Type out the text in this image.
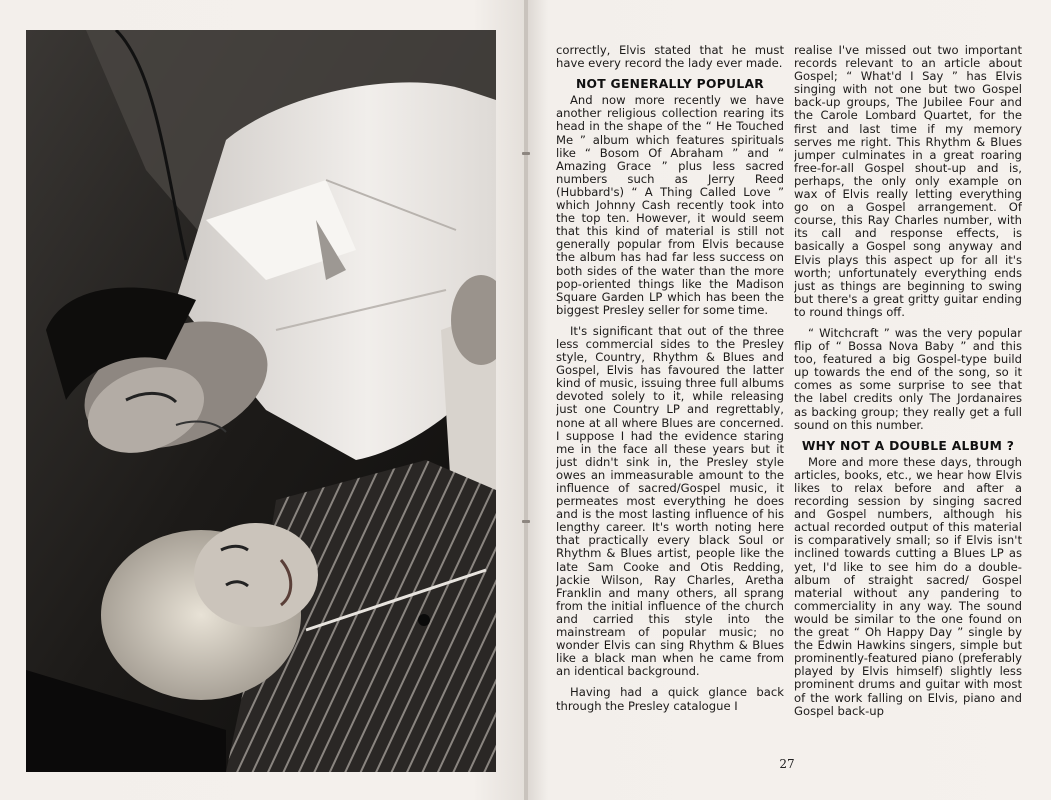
correctly, Elvis stated that he must have every record the lady ever made.

NOT GENERALLY POPULAR

And now more recently we have another religious collection rearing its head in the shape of the “ He Touched Me ” album which features spirituals like “ Bosom Of Abraham ” and “ Amazing Grace ” plus less sacred numbers such as Jerry Reed (Hubbard's) “ A Thing Called Love ” which Johnny Cash recently took into the top ten. However, it would seem that this kind of material is still not generally popular from Elvis because the album has had far less success on both sides of the water than the more pop-oriented things like the Madison Square Garden LP which has been the biggest Presley seller for some time.

It's significant that out of the three less commercial sides to the Presley style, Country, Rhythm & Blues and Gospel, Elvis has favoured the latter kind of music, issuing three full albums devoted solely to it, while releasing just one Country LP and regrettably, none at all where Blues are concerned. I suppose I had the evidence staring me in the face all these years but it just didn't sink in, the Presley style owes an immeasurable amount to the influence of sacred/Gospel music, it permeates most everything he does and is the most lasting influence of his lengthy career. It's worth noting here that practically every black Soul or Rhythm & Blues artist, people like the late Sam Cooke and Otis Redding, Jackie Wilson, Ray Charles, Aretha Franklin and many others, all sprang from the initial influence of the church and carried this style into the mainstream of popular music; no wonder Elvis can sing Rhythm & Blues like a black man when he came from an identical background.

Having had a quick glance back through the Presley catalogue I

realise I've missed out two important records relevant to an article about Gospel; “ What'd I Say ” has Elvis singing with not one but two Gospel back-up groups, The Jubilee Four and the Carole Lombard Quartet, for the first and last time if my memory serves me right. This Rhythm & Blues jumper culminates in a great roaring free-for-all Gospel shout-up and is, perhaps, the only only example on wax of Elvis really letting everything go on a Gospel arrangement. Of course, this Ray Charles number, with its call and response effects, is basically a Gospel song anyway and Elvis plays this aspect up for all it's worth; unfortunately everything ends just as things are beginning to swing but there's a great gritty guitar ending to round things off.

“ Witchcraft ” was the very popular flip of “ Bossa Nova Baby ” and this too, featured a big Gospel-type build up towards the end of the song, so it comes as some surprise to see that the label credits only The Jordanaires as backing group; they really get a full sound on this number.

WHY NOT A DOUBLE ALBUM ?

More and more these days, through articles, books, etc., we hear how Elvis likes to relax before and after a recording session by singing sacred and Gospel numbers, although his actual recorded output of this material is comparatively small; so if Elvis isn't inclined towards cutting a Blues LP as yet, I'd like to see him do a double-album of straight sacred/ Gospel material without any pandering to commerciality in any way. The sound would be similar to the one found on the great “ Oh Happy Day ” single by the Edwin Hawkins singers, simple but prominently-featured piano (preferably played by Elvis himself) slightly less prominent drums and guitar with most of the work falling on Elvis, piano and Gospel back-up

27
